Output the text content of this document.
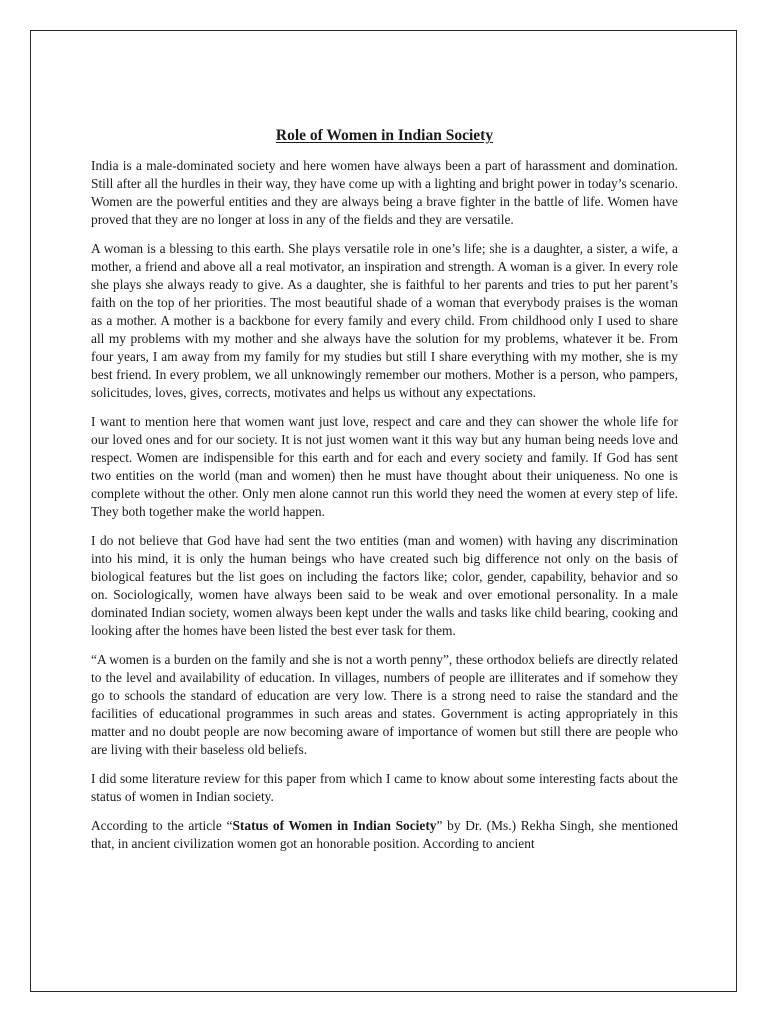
Role of Women in Indian Society

India is a male-dominated society and here women have always been a part of harassment and domination. Still after all the hurdles in their way, they have come up with a lighting and bright power in today’s scenario. Women are the powerful entities and they are always being a brave fighter in the battle of life. Women have proved that they are no longer at loss in any of the fields and they are versatile.

A woman is a blessing to this earth. She plays versatile role in one’s life; she is a daughter, a sister, a wife, a mother, a friend and above all a real motivator, an inspiration and strength. A woman is a giver. In every role she plays she always ready to give. As a daughter, she is faithful to her parents and tries to put her parent’s faith on the top of her priorities. The most beautiful shade of a woman that everybody praises is the woman as a mother. A mother is a backbone for every family and every child. From childhood only I used to share all my problems with my mother and she always have the solution for my problems, whatever it be. From four years, I am away from my family for my studies but still I share everything with my mother, she is my best friend. In every problem, we all unknowingly remember our mothers. Mother is a person, who pampers, solicitudes, loves, gives, corrects, motivates and helps us without any expectations.

I want to mention here that women want just love, respect and care and they can shower the whole life for our loved ones and for our society. It is not just women want it this way but any human being needs love and respect. Women are indispensible for this earth and for each and every society and family. If God has sent two entities on the world (man and women) then he must have thought about their uniqueness. No one is complete without the other. Only men alone cannot run this world they need the women at every step of life. They both together make the world happen.

I do not believe that God have had sent the two entities (man and women) with having any discrimination into his mind, it is only the human beings who have created such big difference not only on the basis of biological features but the list goes on including the factors like; color, gender, capability, behavior and so on. Sociologically, women have always been said to be weak and over emotional personality. In a male dominated Indian society, women always been kept under the walls and tasks like child bearing, cooking and looking after the homes have been listed the best ever task for them.

“A women is a burden on the family and she is not a worth penny”, these orthodox beliefs are directly related to the level and availability of education. In villages, numbers of people are illiterates and if somehow they go to schools the standard of education are very low. There is a strong need to raise the standard and the facilities of educational programmes in such areas and states. Government is acting appropriately in this matter and no doubt people are now becoming aware of importance of women but still there are people who are living with their baseless old beliefs.

I did some literature review for this paper from which I came to know about some interesting facts about the status of women in Indian society.

According to the article “Status of Women in Indian Society” by Dr. (Ms.) Rekha Singh, she mentioned that, in ancient civilization women got an honorable position. According to ancient
